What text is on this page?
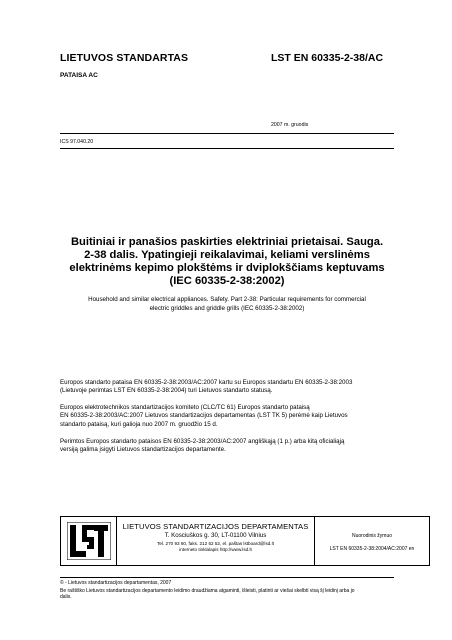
LIETUVOS STANDARTAS	LST EN 60335-2-38/AC
PATAISA AC
2007 m. gruodis
ICS 97.040.20
Buitiniai ir panašios paskirties elektriniai prietaisai. Sauga.
2-38 dalis. Ypatingieji reikalavimai, keliami verslinėms
elektrinėms kepimo plokštėms ir dviplokščiams keptuvams
(IEC 60335-2-38:2002)
Household and similar electrical appliances. Safety. Part 2-38: Particular requirements for commercial
electric griddles and griddle grills (IEC 60335-2-38:2002)
Europos standarto pataisa EN 60335-2-38:2003/AC:2007 kartu su Europos standartu EN 60335-2-38:2003
(Lietuvoje perimtas LST EN 60335-2-38:2004) turi Lietuvos standarto statusą.
Europos elektrotechnikos standartizacijos komiteto (CLC/TC 61) Europos standarto pataisą
EN 60335-2-38:2003/AC:2007 Lietuvos standartizacijos departamentas (LST TK 5) perėmė kaip Lietuvos
standarto pataisą, kuri galioja nuo 2007 m. gruodžio 15 d.
Perimtos Europos standarto pataisos EN 60335-2-38:2003/AC:2007 angliškąją (1 p.) arba kitą oficialiąją
versiją galima įsigyti Lietuvos standartizacijos departamente.
LIETUVOS STANDARTIZACIJOS DEPARTAMENTAS
T. Kosciuškos g. 30, LT-01100 Vilnius
Tel. 270 93 60, faks. 212 62 52, el. paštas lstboard@lsd.lt
interneto tinklalapis http://www.lsd.lt
Nuorodinis žymuo
LST EN 60335-2-38:2004/AC:2007 en
© - Lietuvos standartizacijos departamentas, 2007
Be raštiško Lietuvos standartizacijos departamento leidimo draudžiama atgaminti, išleisti, platinti ar viešai skelbti visą šį leidinį arba jo
dalis.
